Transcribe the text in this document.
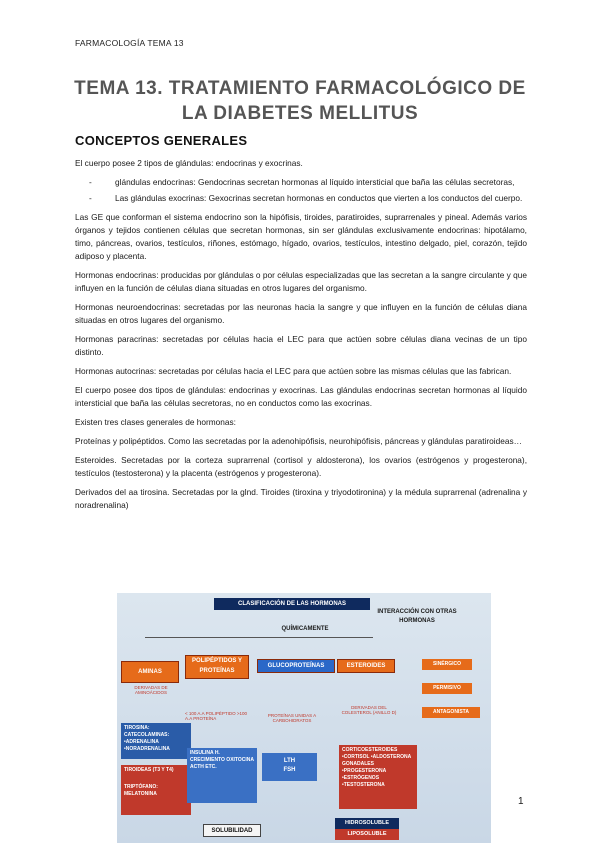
FARMACOLOGÍA TEMA 13
TEMA 13. TRATAMIENTO FARMACOLÓGICO DE LA DIABETES MELLITUS
CONCEPTOS GENERALES

El cuerpo posee 2 tipos de glándulas: endocrinas y exocrinas.

- glándulas endocrinas: Gendocrinas secretan hormonas al líquido intersticial que baña las células secretoras,
- Las glándulas exocrinas: Gexocrinas secretan hormonas en conductos que vierten a los conductos del cuerpo.

Las GE que conforman el sistema endocrino son la hipófisis, tiroides, paratiroides, suprarrenales y pineal. Además varios órganos y tejidos contienen células que secretan hormonas, sin ser glándulas exclusivamente endocrinas: hipotálamo, timo, páncreas, ovarios, testículos, riñones, estómago, hígado, ovarios, testículos, intestino delgado, piel, corazón, tejido adiposo y placenta.

Hormonas endocrinas: producidas por glándulas o por células especializadas que las secretan a la sangre circulante y que influyen en la función de células diana situadas en otros lugares del organismo.

Hormonas neuroendocrinas: secretadas por las neuronas hacia la sangre y que influyen en la función de células diana situadas en otros lugares del organismo.

Hormonas paracrinas: secretadas por células hacia el LEC para que actúen sobre células diana vecinas de un tipo distinto.

Hormonas autocrinas: secretadas por células hacia el LEC para que actúen sobre las mismas células que las fabrican.

El cuerpo posee dos tipos de glándulas: endocrinas y exocrinas. Las glándulas endocrinas secretan hormonas al líquido intersticial que baña las células secretoras, no en conductos como las exocrinas.

Existen tres clases generales de hormonas:

Proteínas y polipéptidos. Como las secretadas por la adenohipófisis, neurohipófisis, páncreas y glándulas paratiroideas…

Esteroides. Secretadas por la corteza suprarrenal (cortisol y aldosterona), los ovarios (estrógenos y progesterona), testículos (testosterona) y la placenta (estrógenos y progesterona).

Derivados del aa tirosina. Secretadas por la glnd. Tiroides (tiroxina y triyodotironina) y la médula suprarrenal (adrenalina y noradrenalina)

CLASIFICACIÓN DE LAS HORMONAS
INTERACCIÓN CON OTRAS HORMONAS
QUÍMICAMENTE
AMINAS
DERIVADAS DE AMINOÁCIDOS
POLIPÉPTIDOS Y PROTEÍNAS
< 100 A.A POLIPÉPTIDO >100 A.A PROTEÍNA
GLUCOPROTEÍNAS
PROTEÍNAS UNIDAS A CARBOHIDRATOS
ESTEROIDES
DERIVADAS DEL COLESTEROL (ANILLO D)
TIROSINA: CATECOLAMINAS: •ADRENALINA •NORADRENALINA
TIROIDEAS (T3 Y T4)
TRIPTÓFANO: MELATONINA
INSULINA H. CRECIMIENTO OXITOCINA ACTH ETC.
LTH
FSH
CORTICOESTEROIDES •CORTISOL •ALDOSTERONA GONADALES •PROGESTERONA •ESTRÓGENOS •TESTOSTERONA
SINÉRGICO
PERMISIVO
ANTAGONISTA
SOLUBILIDAD
HIDROSOLUBLE
LIPOSOLUBLE
1
